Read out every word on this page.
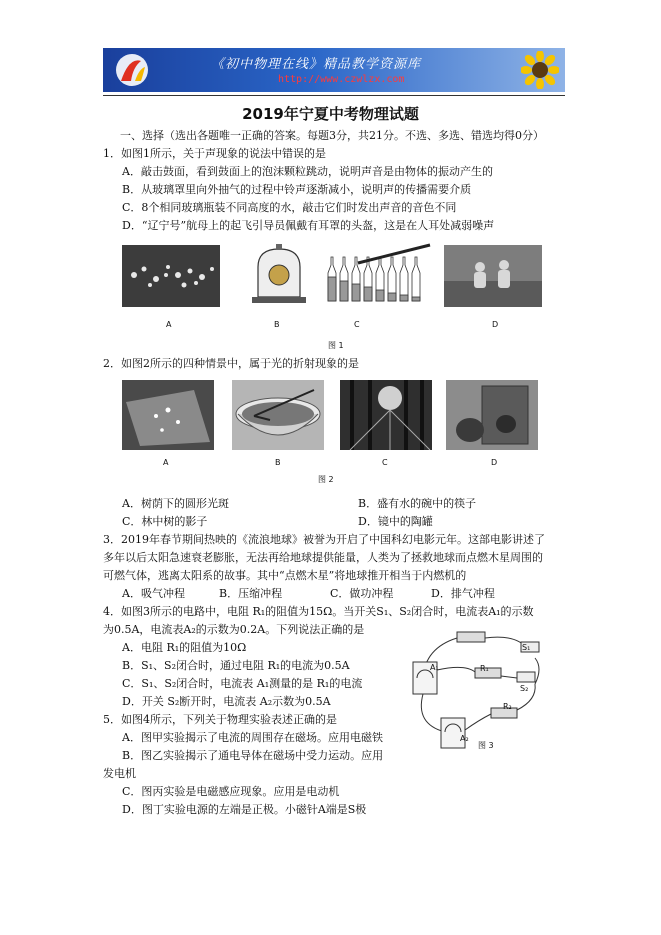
《初中物理在线》精品教学资源库
http://www.czwlzx.com
2019年宁夏中考物理试题
一、选择（选出各题唯一正确的答案。每题3分，共21分。不选、多选、错选均得0分）
1．如图1所示，关于声现象的说法中错误的是
A．敲击鼓面，看到鼓面上的泡沫颗粒跳动，说明声音是由物体的振动产生的
B．从玻璃罩里向外抽气的过程中铃声逐渐减小，说明声的传播需要介质
C．8个相同玻璃瓶装不同高度的水，敲击它们时发出声音的音色不同
D．“辽宁号”航母上的起飞引导员佩戴有耳罩的头盔，这是在人耳处减弱噪声
A	B	C	D
图 1
2．如图2所示的四种情景中，属于光的折射现象的是
A	B	C	D
图 2
A．树荫下的圆形光斑	B．盛有水的碗中的筷子
C．林中树的影子	D．镜中的陶罐
3．2019年春节期间热映的《流浪地球》被誉为开启了中国科幻电影元年。这部电影讲述了
多年以后太阳急速衰老膨胀，无法再给地球提供能量，人类为了拯救地球而点燃木星周围的
可燃气体，逃离太阳系的故事。其中“点燃木星”将地球推开相当于内燃机的
A．吸气冲程	B．压缩冲程	C．做功冲程	D．排气冲程
4．如图3所示的电路中，电阻 R₁的阻值为15Ω。当开关S₁、S₂闭合时，电流表A₁的示数
为0.5A，电流表A₂的示数为0.2A。下列说法正确的是
A．电阻 R₁的阻值为10Ω
B．S₁、S₂闭合时，通过电阻 R₁的电流为0.5A
C．S₁、S₂闭合时，电流表 A₁测量的是 R₁的电流
D．开关 S₂断开时，电流表 A₂示数为0.5A
A₁
A₂
R₁
R₂
S₁
S₂
图 3
5．如图4所示，下列关于物理实验表述正确的是
A．图甲实验揭示了电流的周围存在磁场。应用电磁铁
B．图乙实验揭示了通电导体在磁场中受力运动。应用
发电机
C．图丙实验是电磁感应现象。应用是电动机
D．图丁实验电源的左端是正极。小磁针A端是S极
